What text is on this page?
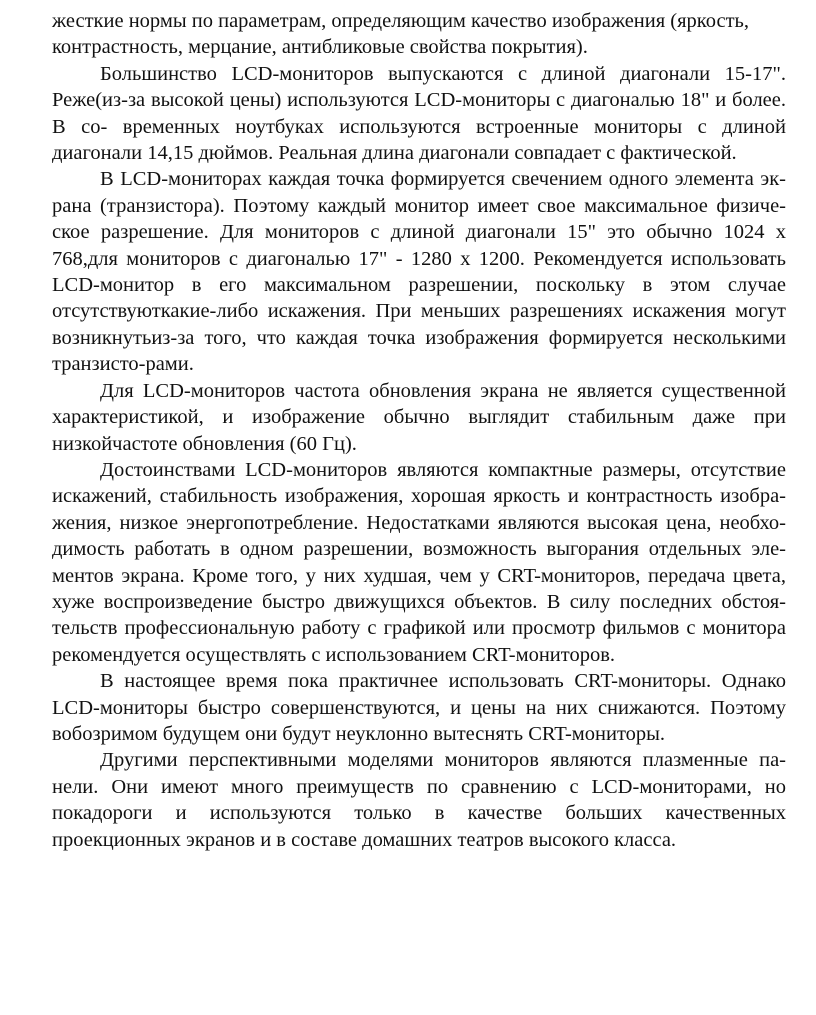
жесткие нормы по параметрам, определяющим качество изображения (яркость,

контрастность, мерцание, антибликовые свойства покрытия).

Большинство LCD-мониторов выпускаются с длиной диагонали 15-17". Реже(из-за высокой цены) используются LCD-мониторы с диагональю 18" и более. В со- временных ноутбуках используются встроенные мониторы с длиной диагонали 14,15 дюймов. Реальная длина диагонали совпадает с фактической.

В LCD-мониторах каждая точка формируется свечением одного элемента эк- рана (транзистора). Поэтому каждый монитор имеет свое максимальное физиче- ское разрешение. Для мониторов с длиной диагонали 15" это обычно 1024 x 768,для мониторов с диагональю 17" - 1280 x 1200. Рекомендуется использовать LCD-монитор в его максимальном разрешении, поскольку в этом случае отсутствуюткакие-либо искажения. При меньших разрешениях искажения могут возникнутьиз-за того, что каждая точка изображения формируется несколькими транзисто-рами.

Для LCD-мониторов частота обновления экрана не является существенной характеристикой, и изображение обычно выглядит стабильным даже при низкойчастоте обновления (60 Гц).

Достоинствами LCD-мониторов являются компактные размеры, отсутствие искажений, стабильность изображения, хорошая яркость и контрастность изобра- жения, низкое энергопотребление. Недостатками являются высокая цена, необхо- димость работать в одном разрешении, возможность выгорания отдельных эле- ментов экрана. Кроме того, у них худшая, чем у CRT-мониторов, передача цвета, хуже воспроизведение быстро движущихся объектов. В силу последних обстоя- тельств профессиональную работу с графикой или просмотр фильмов с монитора рекомендуется осуществлять с использованием CRT-мониторов.

В настоящее время пока практичнее использовать CRT-мониторы. Однако LCD-мониторы быстро совершенствуются, и цены на них снижаются. Поэтому вобозримом будущем они будут неуклонно вытеснять CRT-мониторы.

Другими перспективными моделями мониторов являются плазменные па- нели. Они имеют много преимуществ по сравнению с LCD-мониторами, но покадороги и используются только в качестве больших качественных проекционных экранов и в составе домашних театров высокого класса.
